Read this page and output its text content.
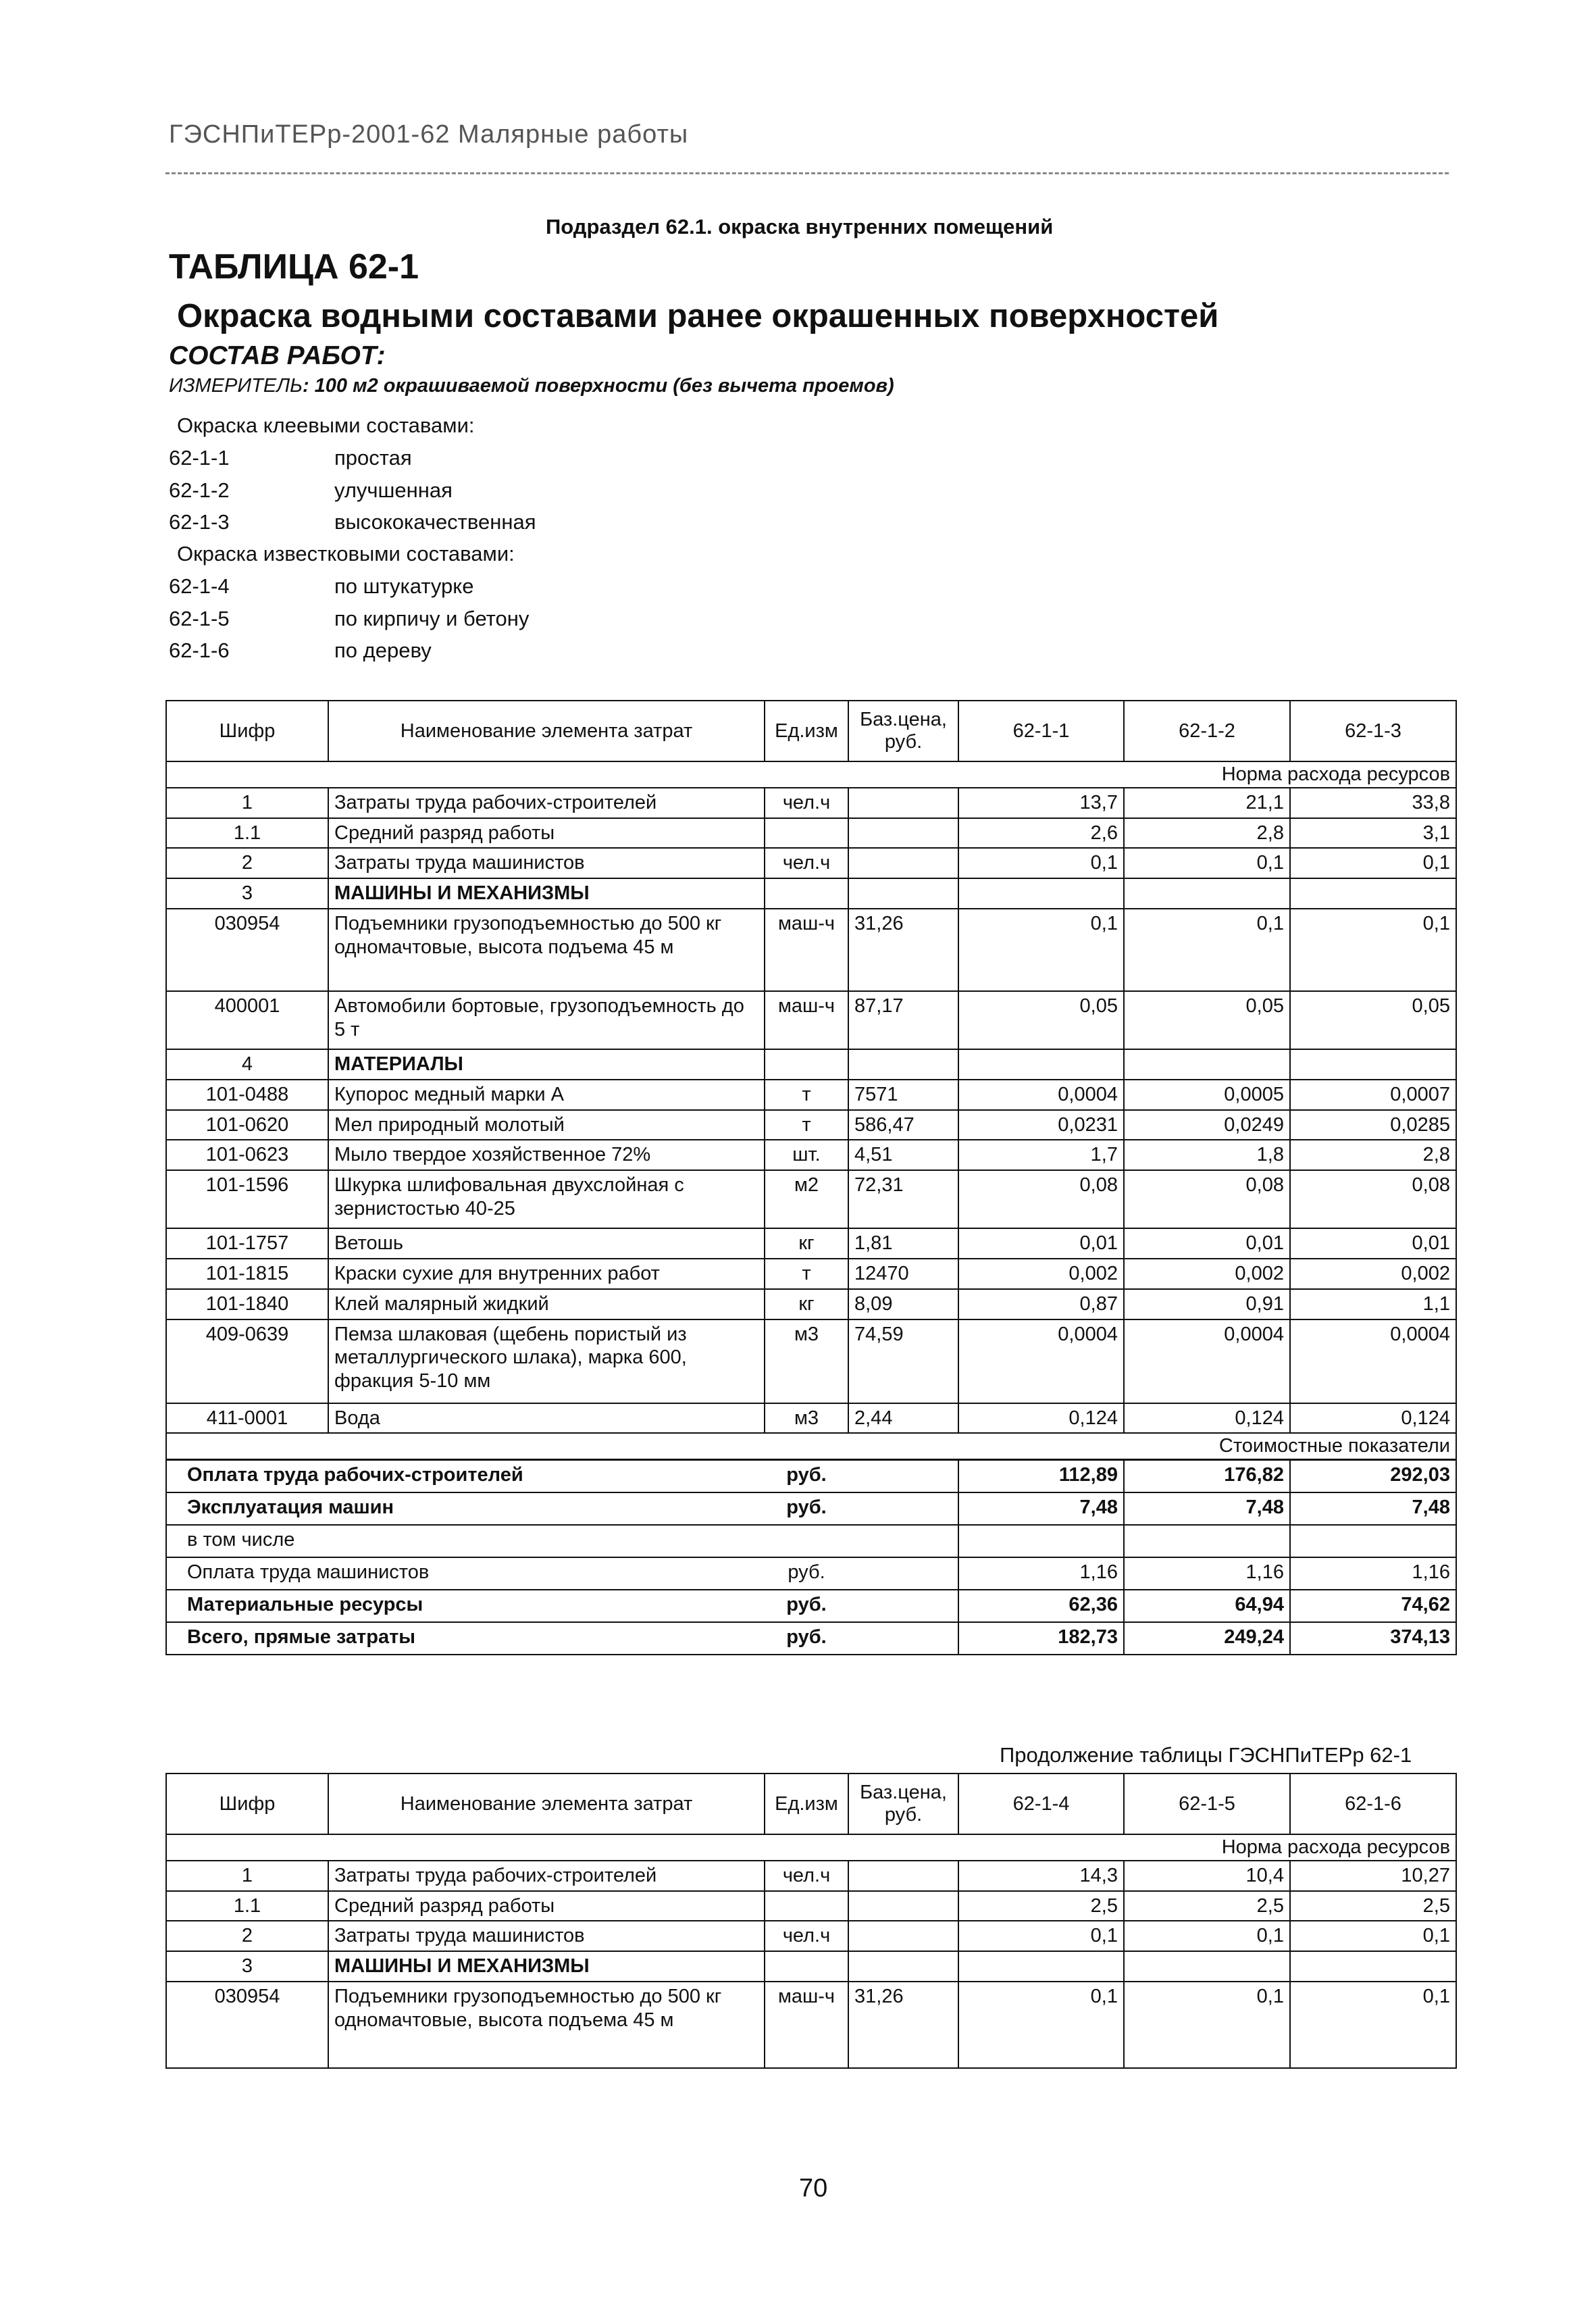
ГЭСНПиТЕРр-2001-62 Малярные работы
Подраздел 62.1. окраска внутренних помещений
ТАБЛИЦА 62-1
Окраска водными составами ранее окрашенных поверхностей
СОСТАВ РАБОТ:
ИЗМЕРИТЕЛЬ: 100 м2 окрашиваемой поверхности (без вычета проемов)
Окраска клеевыми составами:
62-1-1	простая
62-1-2	улучшенная
62-1-3	высококачественная
Окраска известковыми составами:
62-1-4	по штукатурке
62-1-5	по кирпичу и бетону
62-1-6	по дереву
Шифр	Наименование элемента затрат	Ед.изм	Баз.цена, руб.	62-1-1	62-1-2	62-1-3
Норма расхода ресурсов						
1	Затраты труда рабочих-строителей	чел.ч		13,7	21,1	33,8
1.1	Средний разряд работы			2,6	2,8	3,1
2	Затраты труда машинистов	чел.ч		0,1	0,1	0,1
3	МАШИНЫ И МЕХАНИЗМЫ					
030954	Подъемники грузоподъемностью до 500 кг одномачтовые, высота подъема 45 м	маш-ч	31,26	0,1	0,1	0,1
400001	Автомобили бортовые, грузоподъемность до 5 т	маш-ч	87,17	0,05	0,05	0,05
4	МАТЕРИАЛЫ					
101-0488	Купорос медный марки А	т	7571	0,0004	0,0005	0,0007
101-0620	Мел природный молотый	т	586,47	0,0231	0,0249	0,0285
101-0623	Мыло твердое хозяйственное 72%	шт.	4,51	1,7	1,8	2,8
101-1596	Шкурка шлифовальная двухслойная с зернистостью 40-25	м2	72,31	0,08	0,08	0,08
101-1757	Ветошь	кг	1,81	0,01	0,01	0,01
101-1815	Краски сухие для внутренних работ	т	12470	0,002	0,002	0,002
101-1840	Клей малярный жидкий	кг	8,09	0,87	0,91	1,1
409-0639	Пемза шлаковая (щебень пористый из металлургического шлака), марка 600, фракция 5-10 мм	м3	74,59	0,0004	0,0004	0,0004
411-0001	Вода	м3	2,44	0,124	0,124	0,124
Стоимостные показатели						
Оплата труда рабочих-строителей		руб.		112,89	176,82	292,03
Эксплуатация машин		руб.		7,48	7,48	7,48
в том числе						
Оплата труда машинистов		руб.		1,16	1,16	1,16
Материальные ресурсы		руб.		62,36	64,94	74,62
Всего, прямые затраты		руб.		182,73	249,24	374,13
Продолжение таблицы ГЭСНПиТЕРр 62-1
Шифр	Наименование элемента затрат	Ед.изм	Баз.цена, руб.	62-1-4	62-1-5	62-1-6
Норма расхода ресурсов						
1	Затраты труда рабочих-строителей	чел.ч		14,3	10,4	10,27
1.1	Средний разряд работы			2,5	2,5	2,5
2	Затраты труда машинистов	чел.ч		0,1	0,1	0,1
3	МАШИНЫ И МЕХАНИЗМЫ					
030954	Подъемники грузоподъемностью до 500 кг одномачтовые, высота подъема 45 м	маш-ч	31,26	0,1	0,1	0,1
70
